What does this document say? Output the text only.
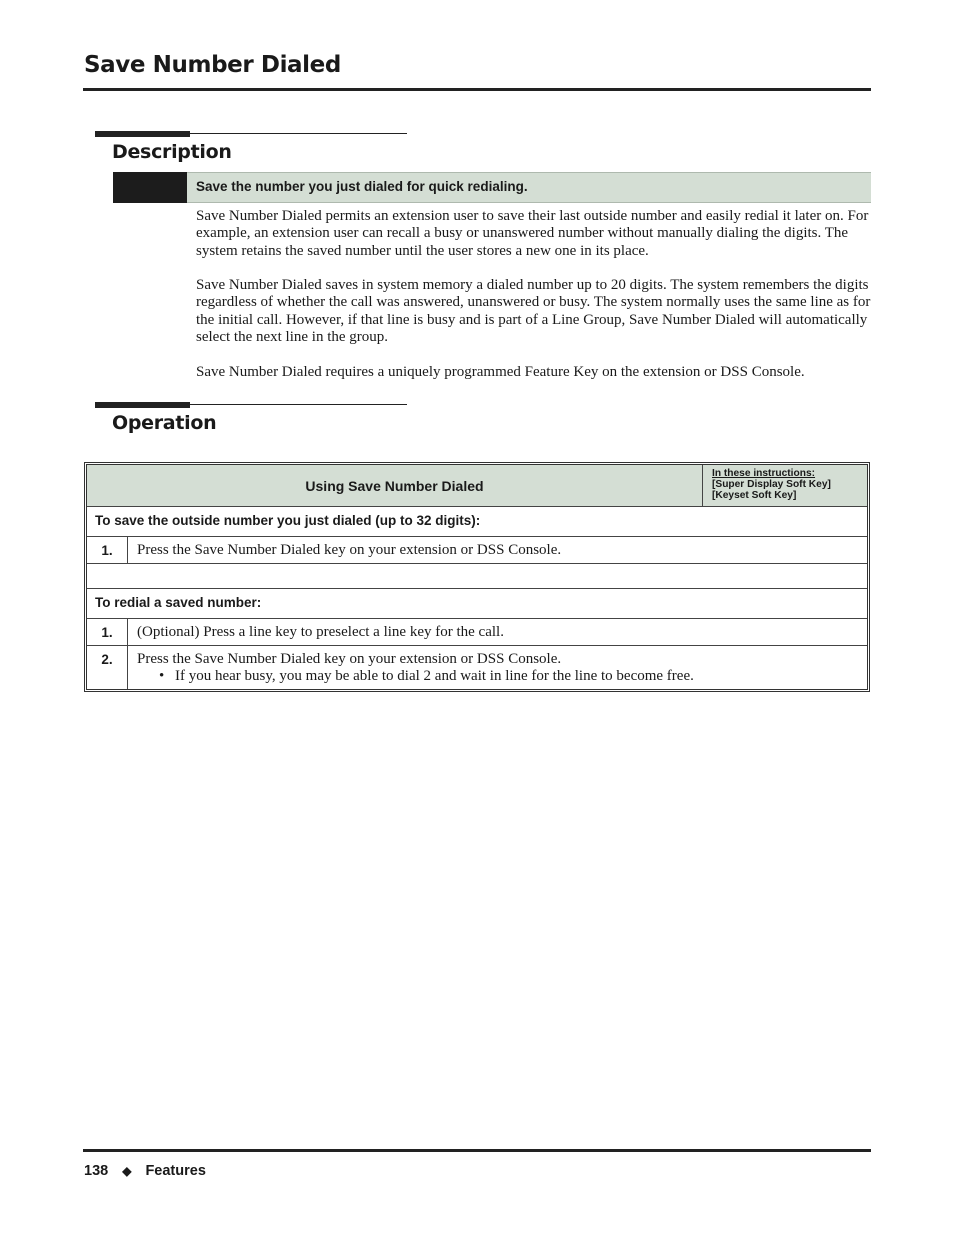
Save Number Dialed
Description
Save the number you just dialed for quick redialing.

Save Number Dialed permits an extension user to save their last outside number and easily redial it later on. For example, an extension user can recall a busy or unanswered number without manually dialing the digits. The system retains the saved number until the user stores a new one in its place.

Save Number Dialed saves in system memory a dialed number up to 20 digits. The system remembers the digits regardless of whether the call was answered, unanswered or busy. The system normally uses the same line as for the initial call. However, if that line is busy and is part of a Line Group, Save Number Dialed will automatically select the next line in the group.

Save Number Dialed requires a uniquely programmed Feature Key on the extension or DSS Console.

Operation
Using Save Number Dialed
In these instructions:
[Super Display Soft Key]
[Keyset Soft Key]
To save the outside number you just dialed (up to 32 digits):
1.	Press the Save Number Dialed key on your extension or DSS Console.
To redial a saved number:
1.	(Optional) Press a line key to preselect a line key for the call.
2.	Press the Save Number Dialed key on your extension or DSS Console.
• If you hear busy, you may be able to dial 2 and wait in line for the line to become free.
138 ◆ Features
